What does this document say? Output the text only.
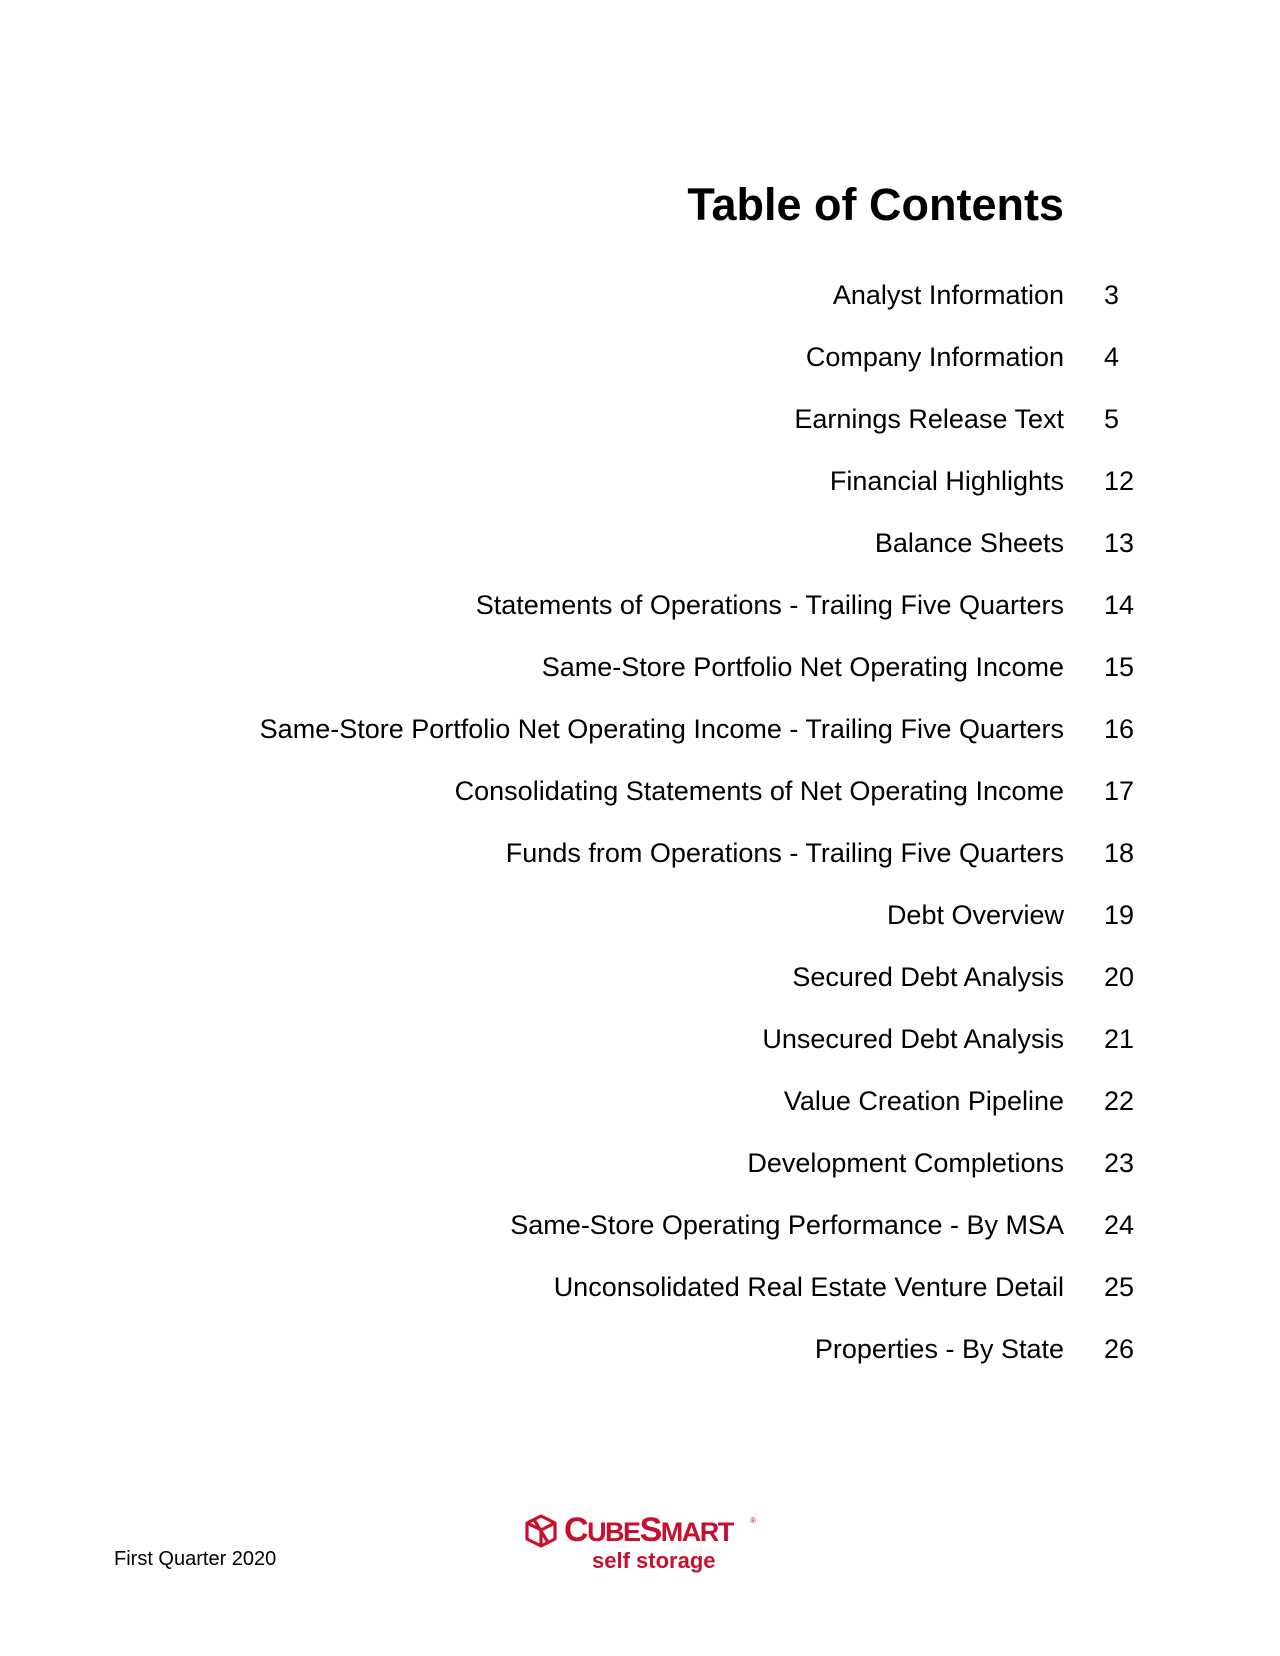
Table of Contents
Analyst Information 3
Company Information 4
Earnings Release Text 5
Financial Highlights 12
Balance Sheets 13
Statements of Operations - Trailing Five Quarters 14
Same-Store Portfolio Net Operating Income 15
Same-Store Portfolio Net Operating Income - Trailing Five Quarters 16
Consolidating Statements of Net Operating Income 17
Funds from Operations - Trailing Five Quarters 18
Debt Overview 19
Secured Debt Analysis 20
Unsecured Debt Analysis 21
Value Creation Pipeline 22
Development Completions 23
Same-Store Operating Performance - By MSA 24
Unconsolidated Real Estate Venture Detail 25
Properties - By State 26
First Quarter 2020
CUBESMART ®
self storage
